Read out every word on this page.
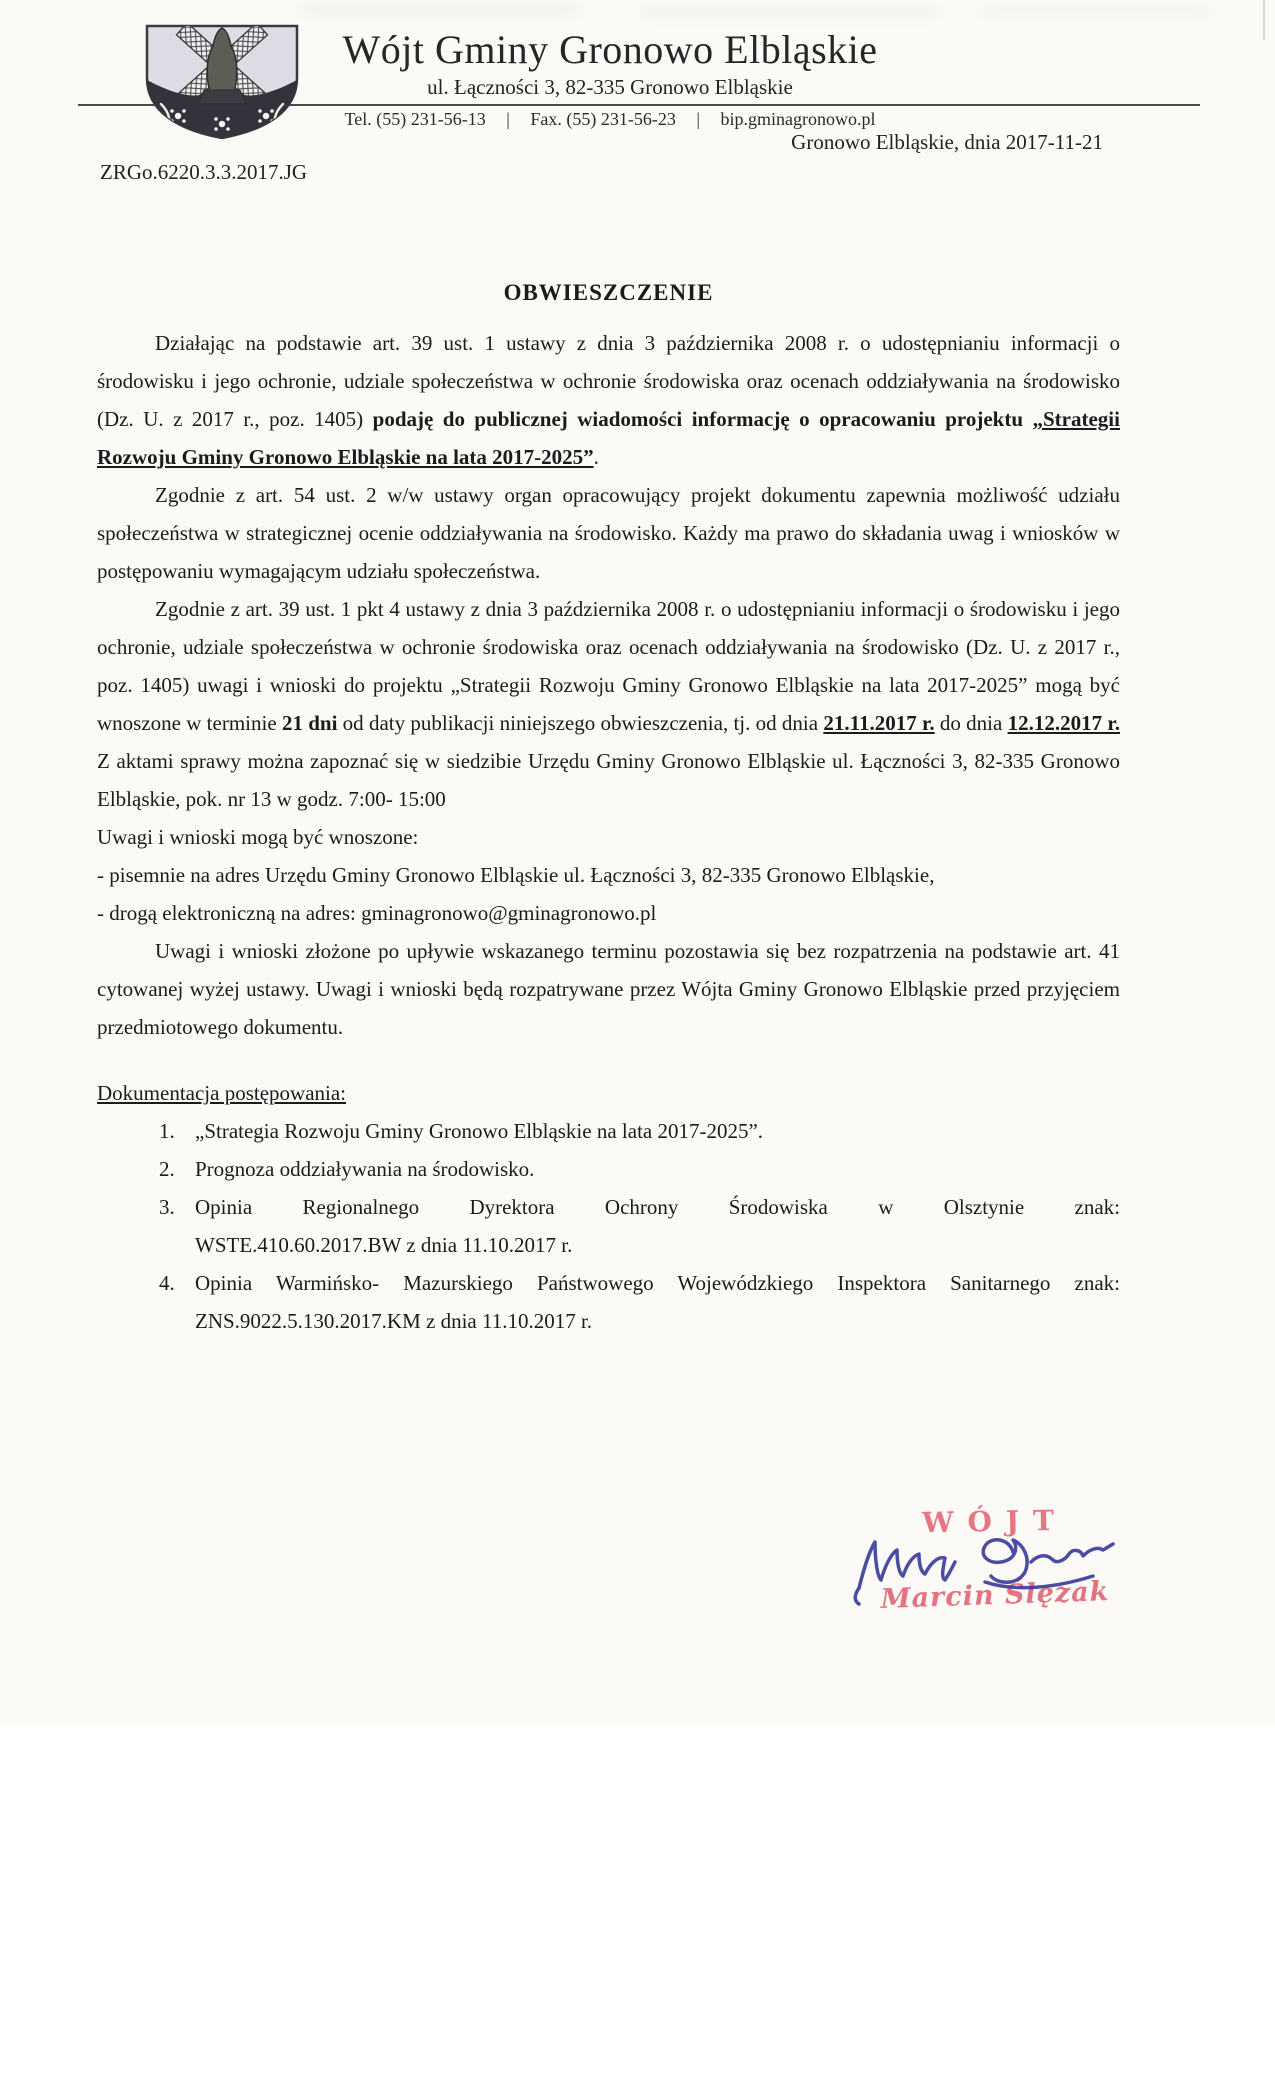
Wójt Gminy Gronowo Elbląskie
ul. Łączności 3, 82-335 Gronowo Elbląskie
Tel. (55) 231-56-13 | Fax. (55) 231-56-23 | bip.gminagronowo.pl
Gronowo Elbląskie, dnia 2017-11-21
ZRGo.6220.3.3.2017.JG
OBWIESZCZENIE

Działając na podstawie art. 39 ust. 1 ustawy z dnia 3 października 2008 r. o udostępnianiu informacji o środowisku i jego ochronie, udziale społeczeństwa w ochronie środowiska oraz ocenach oddziaływania na środowisko (Dz. U. z 2017 r., poz. 1405) podaję do publicznej wiadomości informację o opracowaniu projektu „Strategii Rozwoju Gminy Gronowo Elbląskie na lata 2017-2025”.

Zgodnie z art. 54 ust. 2 w/w ustawy organ opracowujący projekt dokumentu zapewnia możliwość udziału społeczeństwa w strategicznej ocenie oddziaływania na środowisko. Każdy ma prawo do składania uwag i wniosków w postępowaniu wymagającym udziału społeczeństwa.

Zgodnie z art. 39 ust. 1 pkt 4 ustawy z dnia 3 października 2008 r. o udostępnianiu informacji o środowisku i jego ochronie, udziale społeczeństwa w ochronie środowiska oraz ocenach oddziaływania na środowisko (Dz. U. z 2017 r., poz. 1405) uwagi i wnioski do projektu „Strategii Rozwoju Gminy Gronowo Elbląskie na lata 2017-2025” mogą być wnoszone w terminie 21 dni od daty publikacji niniejszego obwieszczenia, tj. od dnia 21.11.2017 r. do dnia 12.12.2017 r. Z aktami sprawy można zapoznać się w siedzibie Urzędu Gminy Gronowo Elbląskie ul. Łączności 3, 82-335 Gronowo Elbląskie, pok. nr 13 w godz. 7:00- 15:00

Uwagi i wnioski mogą być wnoszone:

- pisemnie na adres Urzędu Gminy Gronowo Elbląskie ul. Łączności 3, 82-335 Gronowo Elbląskie,

- drogą elektroniczną na adres: gminagronowo@gminagronowo.pl

Uwagi i wnioski złożone po upływie wskazanego terminu pozostawia się bez rozpatrzenia na podstawie art. 41 cytowanej wyżej ustawy. Uwagi i wnioski będą rozpatrywane przez Wójta Gminy Gronowo Elbląskie przed przyjęciem przedmiotowego dokumentu.

Dokumentacja postępowania:

1. „Strategia Rozwoju Gminy Gronowo Elbląskie na lata 2017-2025”.
2. Prognoza oddziaływania na środowisko.
3. Opinia Regionalnego Dyrektora Ochrony Środowiska w Olsztynie znak:
WSTE.410.60.2017.BW z dnia 11.10.2017 r.
4. Opinia Warmińsko- Mazurskiego Państwowego Wojewódzkiego Inspektora Sanitarnego znak:
ZNS.9022.5.130.2017.KM z dnia 11.10.2017 r.
WÓJT
Marcin Ślęzak
